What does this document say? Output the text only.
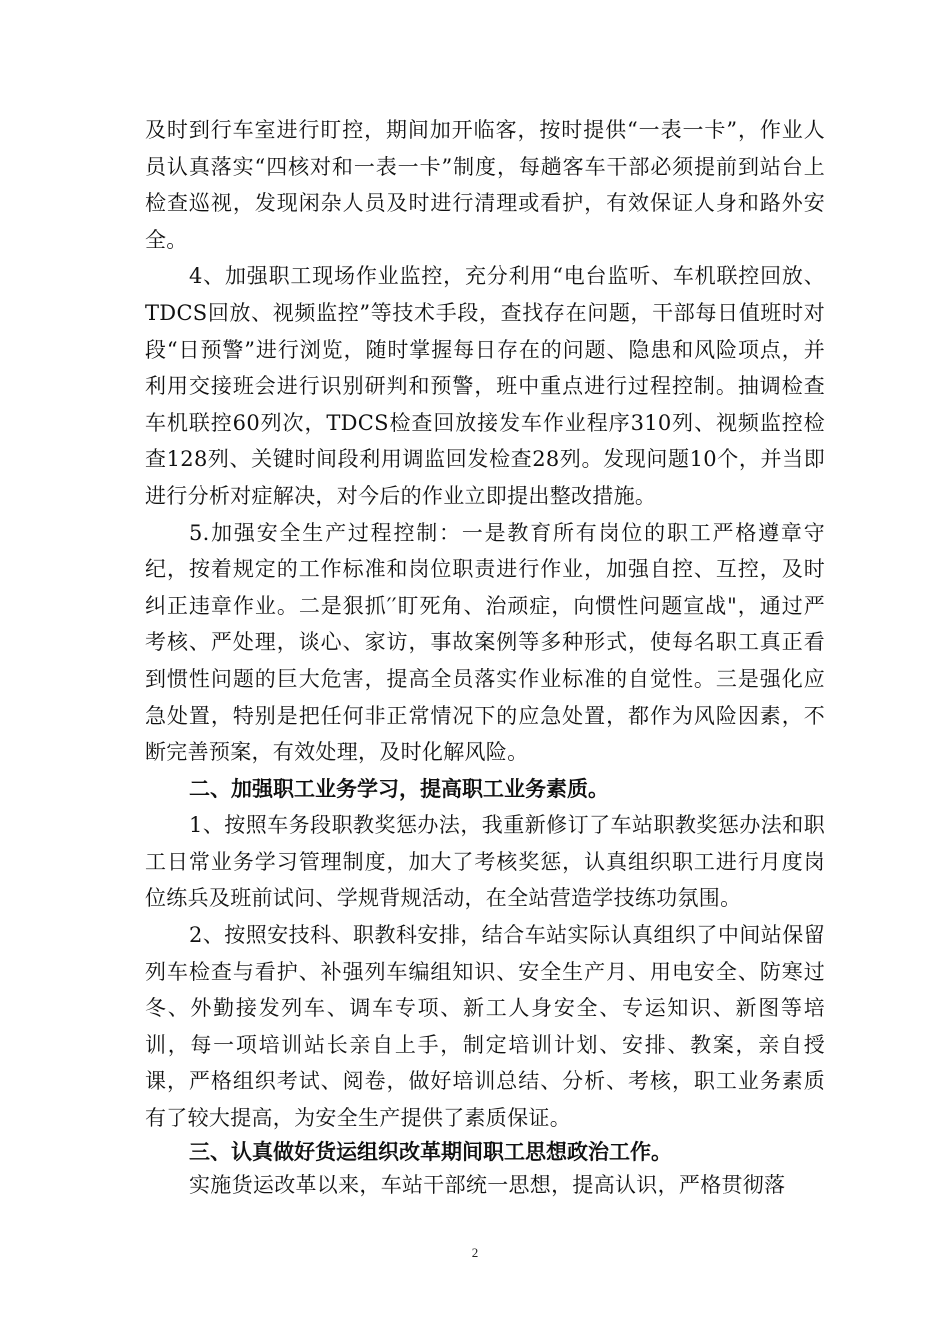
及时到行车室进行盯控，期间加开临客，按时提供“一表一卡”，作业人员认真落实“四核对和一表一卡”制度，每趟客车干部必须提前到站台上检查巡视，发现闲杂人员及时进行清理或看护，有效保证人身和路外安全。

4、加强职工现场作业监控，充分利用“电台监听、车机联控回放、TDCS回放、视频监控”等技术手段，查找存在问题，干部每日值班时对段“日预警”进行浏览，随时掌握每日存在的问题、隐患和风险项点，并利用交接班会进行识别研判和预警，班中重点进行过程控制。抽调检查车机联控60列次，TDCS检查回放接发车作业程序310列、视频监控检查128列、关键时间段利用调监回发检查28列。发现问题10个，并当即进行分析对症解决，对今后的作业立即提出整改措施。

5.加强安全生产过程控制：一是教育所有岗位的职工严格遵章守纪，按着规定的工作标准和岗位职责进行作业，加强自控、互控，及时纠正违章作业。二是狠抓′′盯死角、治顽症，向惯性问题宣战"，通过严考核、严处理，谈心、家访，事故案例等多种形式，使每名职工真正看到惯性问题的巨大危害，提高全员落实作业标准的自觉性。三是强化应急处置，特别是把任何非正常情况下的应急处置，都作为风险因素，不断完善预案，有效处理，及时化解风险。

二、加强职工业务学习，提高职工业务素质。

1、按照车务段职教奖惩办法，我重新修订了车站职教奖惩办法和职工日常业务学习管理制度，加大了考核奖惩，认真组织职工进行月度岗位练兵及班前试问、学规背规活动，在全站营造学技练功氛围。

2、按照安技科、职教科安排，结合车站实际认真组织了中间站保留列车检查与看护、补强列车编组知识、安全生产月、用电安全、防寒过冬、外勤接发列车、调车专项、新工人身安全、专运知识、新图等培训，每一项培训站长亲自上手，制定培训计划、安排、教案，亲自授课，严格组织考试、阅卷，做好培训总结、分析、考核，职工业务素质有了较大提高，为安全生产提供了素质保证。

三、认真做好货运组织改革期间职工思想政治工作。

实施货运改革以来，车站干部统一思想，提高认识，严格贯彻落

2
